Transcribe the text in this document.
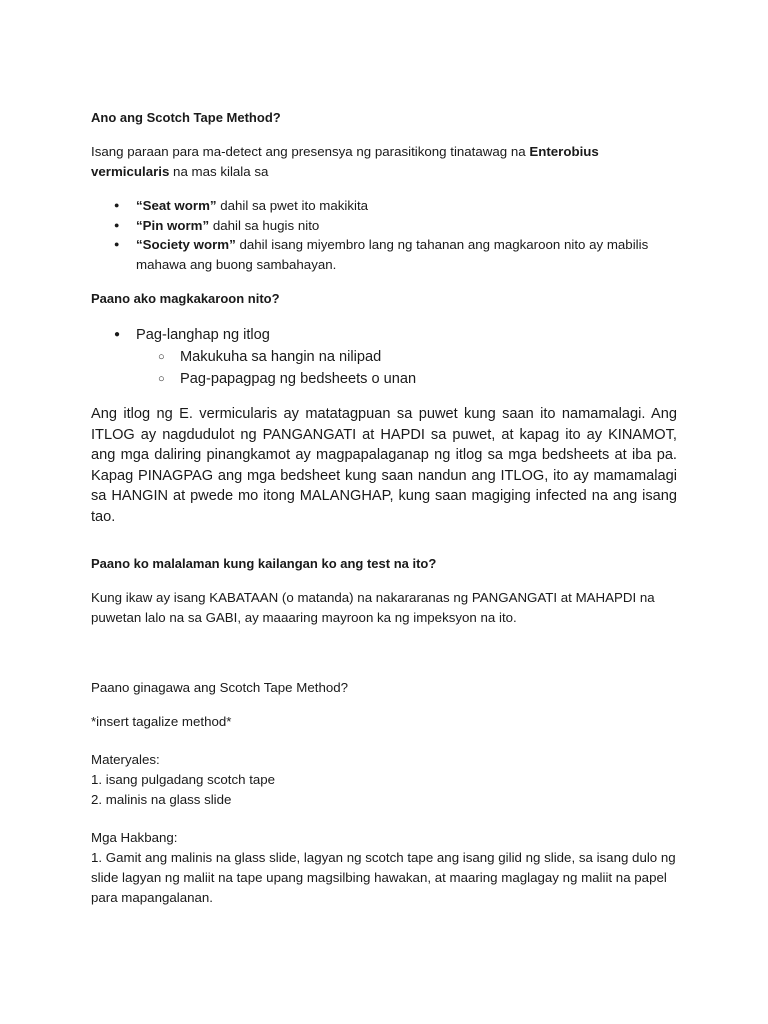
Ano ang Scotch Tape Method?
Isang paraan para ma-detect ang presensya ng parasitikong tinatawag na Enterobius vermicularis na mas kilala sa
● “Seat worm” dahil sa pwet ito makikita
● “Pin worm” dahil sa hugis nito
● “Society worm” dahil isang miyembro lang ng tahanan ang magkaroon nito ay mabilis mahawa ang buong sambahayan.
Paano ako magkakaroon nito?
● Pag-langhap ng itlog
○ Makukuha sa hangin na nilipad
○ Pag-papagpag ng bedsheets o unan

Ang itlog ng E. vermicularis ay matatagpuan sa puwet kung saan ito namamalagi. Ang ITLOG ay nagdudulot ng PANGANGATI at HAPDI sa puwet, at kapag ito ay KINAMOT, ang mga daliring pinangkamot ay magpapalaganap ng itlog sa mga bedsheets at iba pa. Kapag PINAGPAG ang mga bedsheet kung saan nandun ang ITLOG, ito ay mamamalagi sa HANGIN at pwede mo itong MALANGHAP, kung saan magiging infected na ang isang tao.

Paano ko malalaman kung kailangan ko ang test na ito?

Kung ikaw ay isang KABATAAN (o matanda) na nakararanas ng PANGANGATI at MAHAPDI na puwetan lalo na sa GABI, ay maaaring mayroon ka ng impeksyon na ito.

Paano ginagawa ang Scotch Tape Method?
*insert tagalize method*
Materyales:
1. isang pulgadang scotch tape
2. malinis na glass slide
Mga Hakbang:
1. Gamit ang malinis na glass slide, lagyan ng scotch tape ang isang gilid ng slide, sa isang dulo ng slide lagyan ng maliit na tape upang magsilbing hawakan, at maaring maglagay ng maliit na papel para mapangalanan.
